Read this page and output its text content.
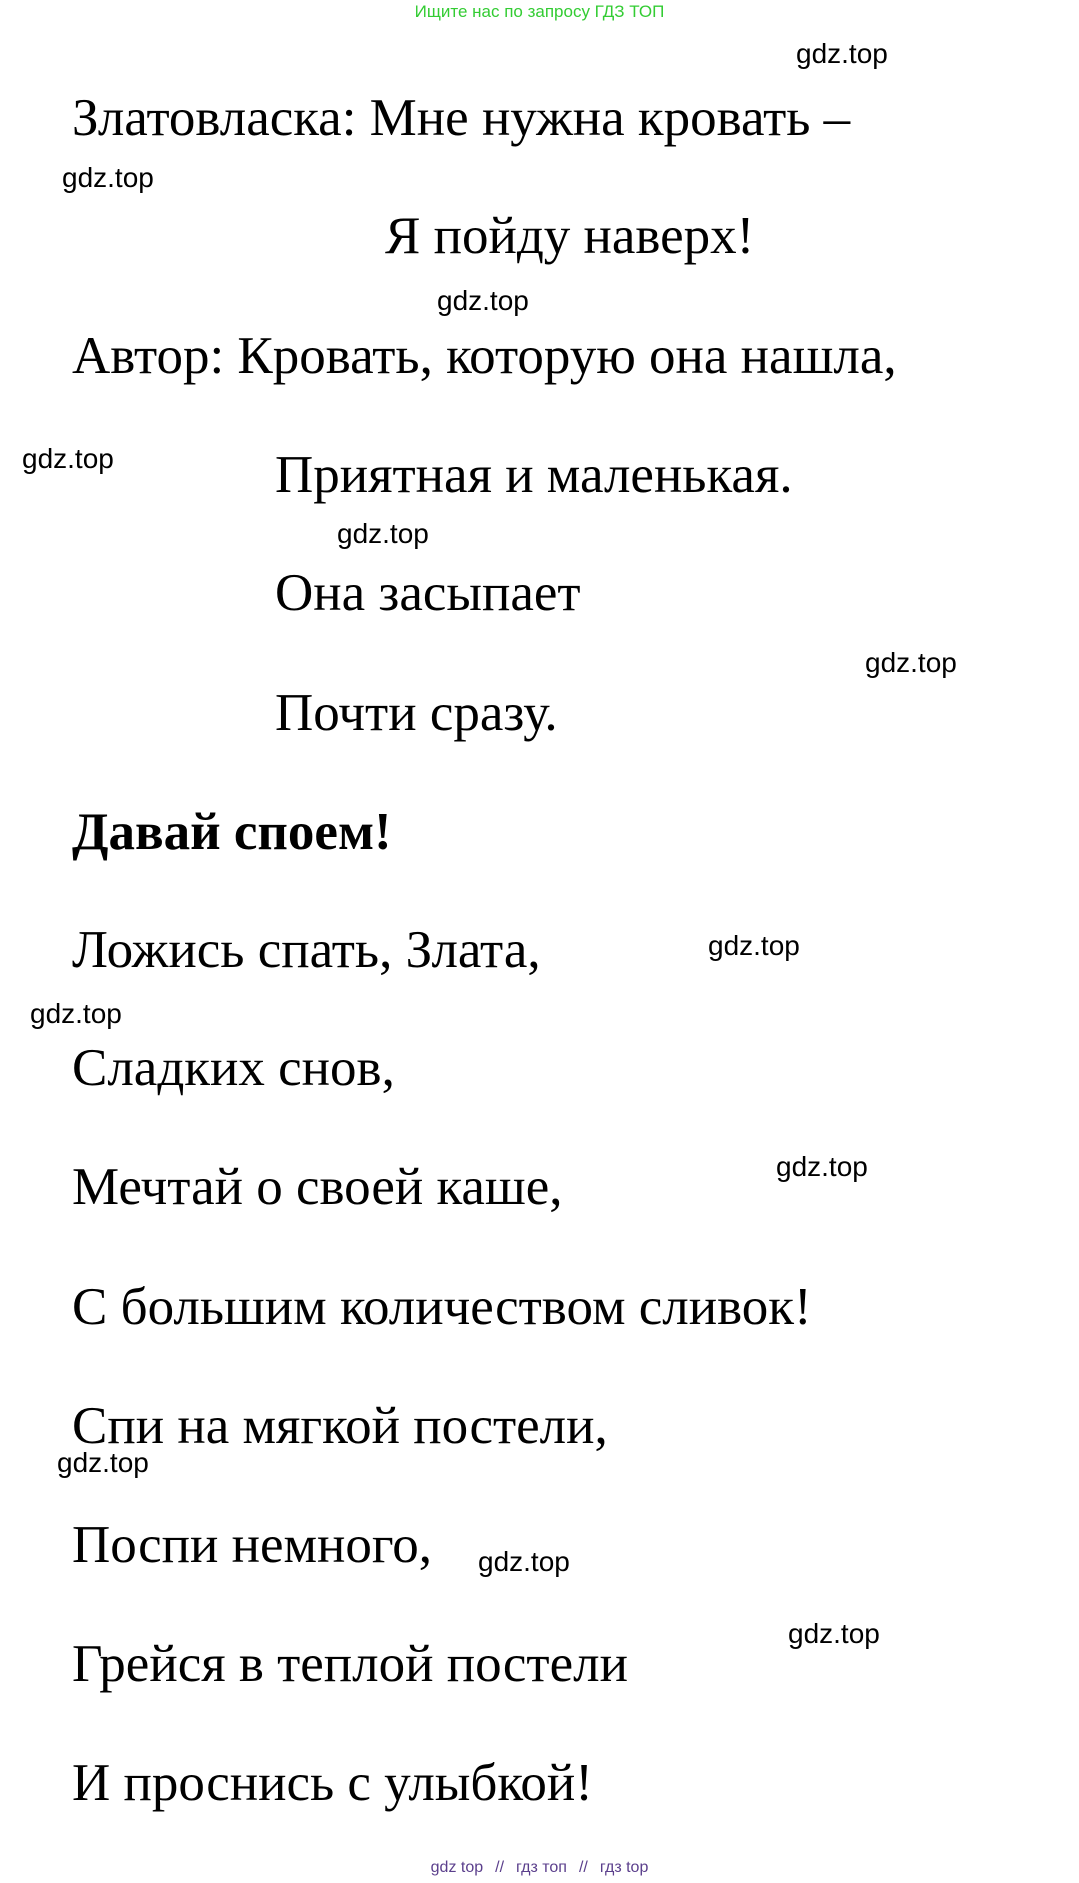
Ищите нас по запросу ГДЗ ТОП
Златовласка: Мне нужна кровать –
Я пойду наверх!
Автор: Кровать, которую она нашла,
Приятная и маленькая.
Она засыпает
Почти сразу.
Давай споем!
Ложись спать, Злата,
Сладких снов,
Мечтай о своей каше,
С большим количеством сливок!
Спи на мягкой постели,
Поспи немного,
Грейся в теплой постели
И проснись с улыбкой!
gdz.top
gdz.top
gdz.top
gdz.top
gdz.top
gdz.top
gdz.top
gdz.top
gdz.top
gdz.top
gdz.top
gdz.top
gdz top // гдз топ // гдз top
